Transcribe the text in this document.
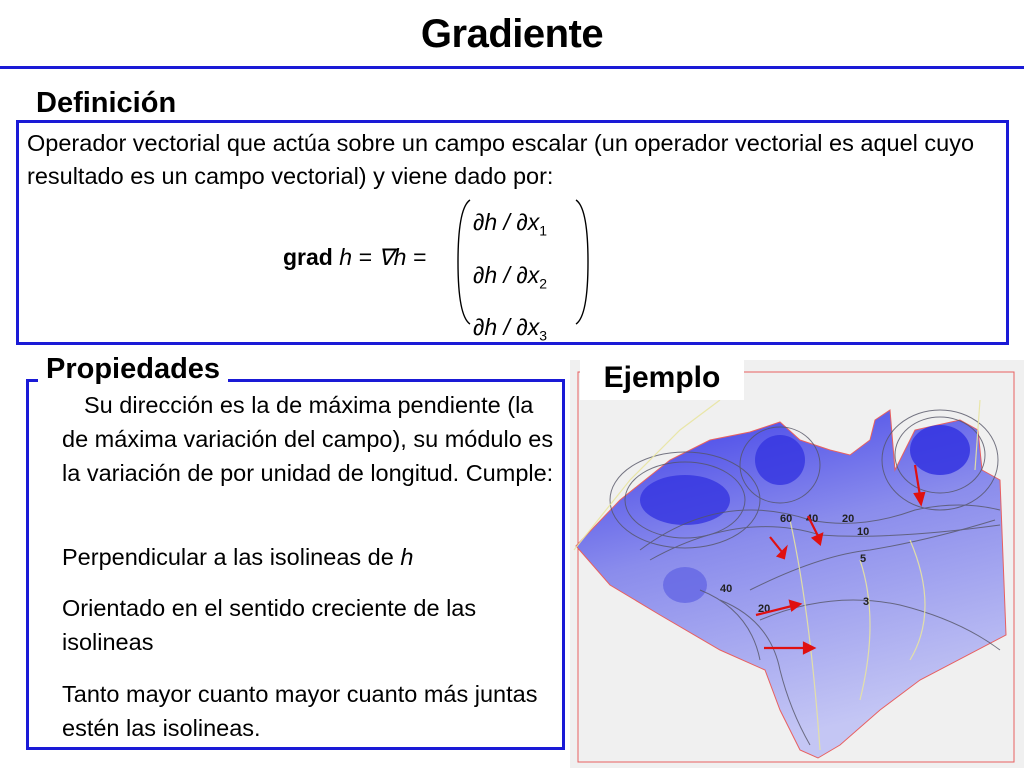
Gradiente
Definición
Operador vectorial que actúa sobre un campo escalar (un operador vectorial es aquel cuyo resultado es un campo vectorial) y viene dado por:
grad h = ∇h =
$\partial h / \partial x_1$
$\partial h / \partial x_2$
$\partial h / \partial x_3$
60 40 20
10
5
3
40
20
Ejemplo
Propiedades
Su dirección es la de máxima pendiente (la de máxima variación del campo), su módulo es la variación de por unidad de longitud. Cumple:
Perpendicular a las isolineas de h
Orientado en el sentido creciente de las isolineas
Tanto mayor cuanto mayor cuanto más juntas estén las isolineas.
